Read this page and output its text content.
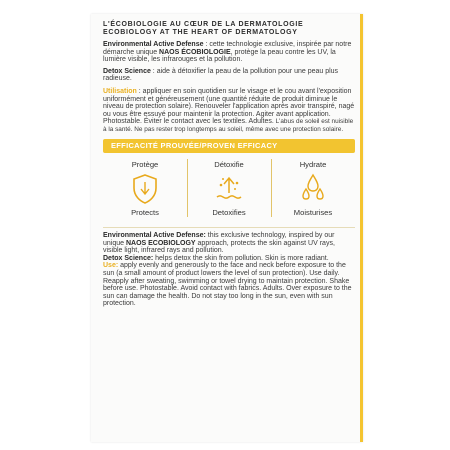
L'ÉCOBIOLOGIE AU CŒUR DE LA DERMATOLOGIE

ECOBIOLOGY AT THE HEART OF DERMATOLOGY

Environmental Active Defense : cette technologie exclusive, inspirée par notre démarche unique NAOS ÉCOBIOLOGIE, protège la peau contre les UV, la lumière visible, les infrarouges et la pollution.

Detox Science : aide à détoxifier la peau de la pollution pour une peau plus radieuse.

Utilisation : appliquer en soin quotidien sur le visage et le cou avant l'exposition uniformément et généreusement (une quantité réduite de produit diminue le niveau de protection solaire). Renouveler l'application après avoir transpiré, nagé ou vous être essuyé pour maintenir la protection. Agiter avant application. Photostable. Éviter le contact avec les textiles. Adultes. L'abus de soleil est nuisible à la santé. Ne pas rester trop longtemps au soleil, même avec une protection solaire.

EFFICACITÉ PROUVÉE/PROVEN EFFICACY
Protège
Protects
Détoxifie
Detoxifies
Hydrate
Moisturises

Environmental Active Defense: this exclusive technology, inspired by our unique NAOS ECOBIOLOGY approach, protects the skin against UV rays, visible light, infrared rays and pollution.

Detox Science: helps detox the skin from pollution. Skin is more radiant.

Use: apply evenly and generously to the face and neck before exposure to the sun (a small amount of product lowers the level of sun protection). Use daily. Reapply after sweating, swimming or towel drying to maintain protection. Shake before use. Photostable. Avoid contact with fabrics. Adults. Over exposure to the sun can damage the health. Do not stay too long in the sun, even with sun protection.
